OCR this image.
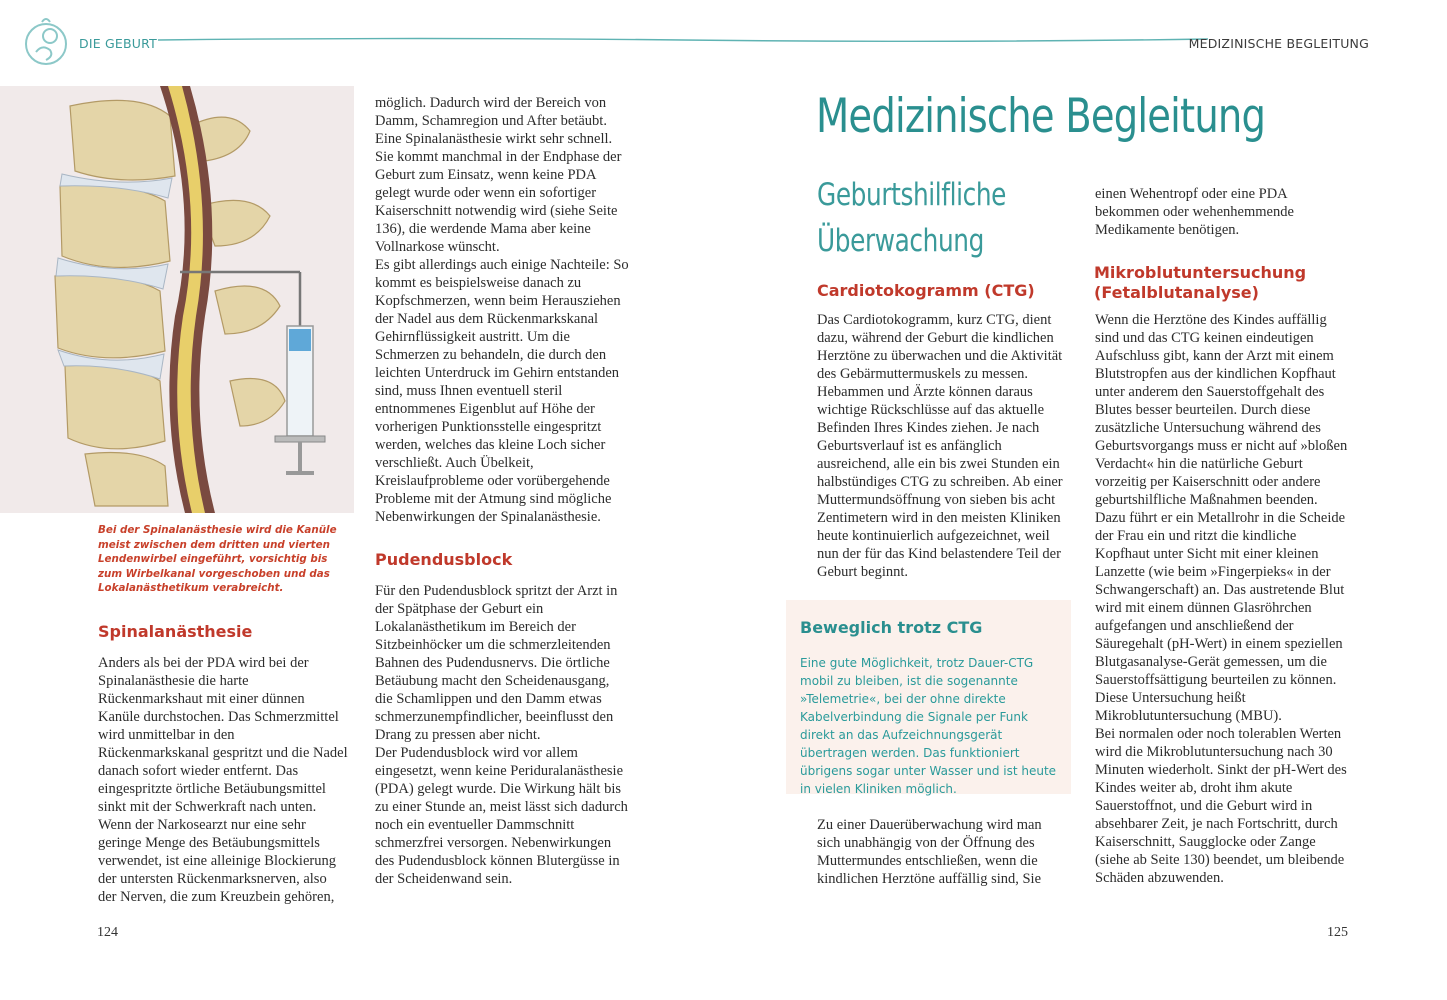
DIE GEBURT	MEDIZINISCHE BEGLEITUNG
Bei der Spinalanästhesie wird die Kanüle meist zwischen dem dritten und vierten Lendenwirbel eingeführt, vorsichtig bis zum Wirbelkanal vorgeschoben und das Lokalanästhetikum verabreicht.
Spinalanästhesie

Anders als bei der PDA wird bei der Spinalanästhesie die harte Rückenmarkshaut mit einer dünnen Kanüle durchstochen. Das Schmerzmittel wird unmittelbar in den Rückenmarkskanal gespritzt und die Nadel danach sofort wieder entfernt. Das eingespritzte örtliche Betäubungsmittel sinkt mit der Schwerkraft nach unten. Wenn der Narkosearzt nur eine sehr geringe Menge des Betäubungsmittels verwendet, ist eine alleinige Blockierung der untersten Rückenmarksnerven, also der Nerven, die zum Kreuzbein gehören,

möglich. Dadurch wird der Bereich von Damm, Schamregion und After betäubt. Eine Spinalanästhesie wirkt sehr schnell. Sie kommt manchmal in der Endphase der Geburt zum Einsatz, wenn keine PDA gelegt wurde oder wenn ein sofortiger Kaiserschnitt notwendig wird (siehe Seite 136), die werdende Mama aber keine Vollnarkose wünscht.

Es gibt allerdings auch einige Nachteile: So kommt es beispielsweise danach zu Kopfschmerzen, wenn beim Herausziehen der Nadel aus dem Rückenmarkskanal Gehirnflüssigkeit austritt. Um die Schmerzen zu behandeln, die durch den leichten Unterdruck im Gehirn entstanden sind, muss Ihnen eventuell steril entnommenes Eigenblut auf Höhe der vorherigen Punktionsstelle eingespritzt werden, welches das kleine Loch sicher verschließt. Auch Übelkeit, Kreislaufprobleme oder vorübergehende Probleme mit der Atmung sind mögliche Nebenwirkungen der Spinalanästhesie.

Pudendusblock

Für den Pudendusblock spritzt der Arzt in der Spätphase der Geburt ein Lokalanästhetikum im Bereich der Sitzbeinhöcker um die schmerzleitenden Bahnen des Pudendusnervs. Die örtliche Betäubung macht den Scheidenausgang, die Schamlippen und den Damm etwas schmerzunempfindlicher, beeinflusst den Drang zu pressen aber nicht.

Der Pudendusblock wird vor allem eingesetzt, wenn keine Periduralanästhesie (PDA) gelegt wurde. Die Wirkung hält bis zu einer Stunde an, meist lässt sich dadurch noch ein eventueller Dammschnitt schmerzfrei versorgen. Nebenwirkungen des Pudendusblock können Blutergüsse in der Scheidenwand sein.

124
Medizinische Begleitung
Geburtshilfliche
Überwachung
Cardiotokogramm (CTG)

Das Cardiotokogramm, kurz CTG, dient dazu, während der Geburt die kindlichen Herztöne zu überwachen und die Aktivität des Gebärmuttermuskels zu messen. Hebammen und Ärzte können daraus wichtige Rückschlüsse auf das aktuelle Befinden Ihres Kindes ziehen. Je nach Geburtsverlauf ist es anfänglich ausreichend, alle ein bis zwei Stunden ein halbstündiges CTG zu schreiben. Ab einer Muttermundsöffnung von sieben bis acht Zentimetern wird in den meisten Kliniken heute kontinuierlich aufgezeichnet, weil nun der für das Kind belastendere Teil der Geburt beginnt.

Beweglich trotz CTG
Eine gute Möglichkeit, trotz Dauer-CTG mobil zu bleiben, ist die sogenannte »Telemetrie«, bei der ohne direkte Kabelverbindung die Signale per Funk direkt an das Aufzeichnungsgerät übertragen werden. Das funktioniert übrigens sogar unter Wasser und ist heute in vielen Kliniken möglich.

Zu einer Dauerüberwachung wird man sich unabhängig von der Öffnung des Muttermundes entschließen, wenn die kindlichen Herztöne auffällig sind, Sie

einen Wehentropf oder eine PDA bekommen oder wehenhemmende Medikamente benötigen.

Mikroblutuntersuchung
(Fetalblutanalyse)

Wenn die Herztöne des Kindes auffällig sind und das CTG keinen eindeutigen Aufschluss gibt, kann der Arzt mit einem Blutstropfen aus der kindlichen Kopfhaut unter anderem den Sauerstoffgehalt des Blutes besser beurteilen. Durch diese zusätzliche Untersuchung während des Geburtsvorgangs muss er nicht auf »bloßen Verdacht« hin die natürliche Geburt vorzeitig per Kaiserschnitt oder andere geburtshilfliche Maßnahmen beenden. Dazu führt er ein Metallrohr in die Scheide der Frau ein und ritzt die kindliche Kopfhaut unter Sicht mit einer kleinen Lanzette (wie beim »Fingerpieks« in der Schwangerschaft) an. Das austretende Blut wird mit einem dünnen Glasröhrchen aufgefangen und anschließend der Säuregehalt (pH-Wert) in einem speziellen Blutgasanalyse-Gerät gemessen, um die Sauerstoffsättigung beurteilen zu können. Diese Untersuchung heißt Mikroblutuntersuchung (MBU).

Bei normalen oder noch tolerablen Werten wird die Mikroblutuntersuchung nach 30 Minuten wiederholt. Sinkt der pH-Wert des Kindes weiter ab, droht ihm akute Sauerstoffnot, und die Geburt wird in absehbarer Zeit, je nach Fortschritt, durch Kaiserschnitt, Saugglocke oder Zange (siehe ab Seite 130) beendet, um bleibende Schäden abzuwenden.

125
